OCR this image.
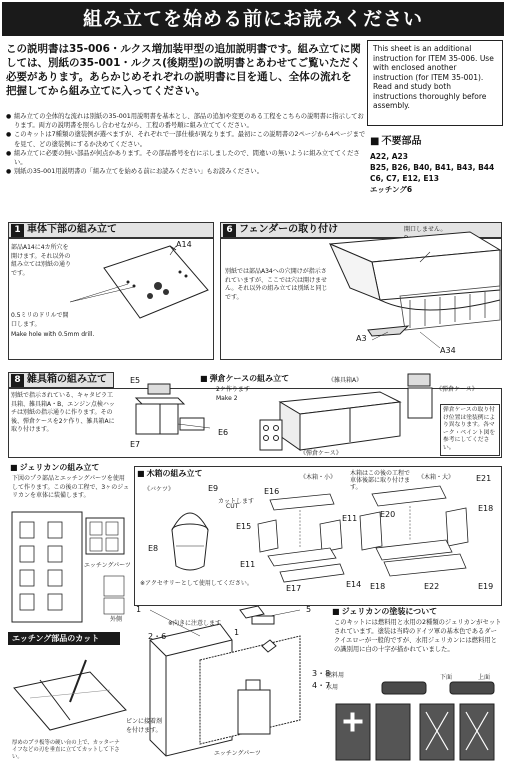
組み立てを始める前にお読みください
この説明書は35-006・ルクス増加装甲型の追加説明書です。組み立てに関しては、別紙の35-001・ルクス(後期型)の説明書とあわせてご覧いただく必要があります。あらかじめそれぞれの説明書に目を通し、全体の流れを把握してから組み立てに入ってください。
This sheet is an additional instruction for ITEM 35-006. Use with enclosed another instruction (for ITEM 35-001). Read and study both instructions thoroughly before assembly.
● 組み立ての全体的な流れは別紙の35-001用説明書を基本とし、部品の追加や変更のある工程をこちらの説明書に指示しております。両方の説明書を照らし合わせながら、工程の番号順に組み立ててください。
● このキットは7種類の塗装例が選べますが、それぞれで一部仕様が異なります。最初にこの説明書の2ページから4ページまでを見て、どの塗装例にするか決めてください。
● 組み立てに必要の無い部品が何点かあります。その部品番号を右に示しましたので、間違いの無いように組み立ててください。
● 別紙の35-001用説明書の「組み立てを始める前にお読みください」もお読みください。
■ 不要部品
A22, A23
B25, B26, B40, B41, B43, B44
C6, C7, E12, E13
エッチング6
1 車体下部の組み立て
部品A14に4カ所穴を開けます。それ以外の組み立ては別紙の通りです。
A14
0.5ミリのドリルで開口します。
Make hole with 0.5mm drill.
6 フェンダーの取り付け	開口しません。
別紙では部品A34への穴開けが指示されていますが、ここでは穴は開けません。それ以外の組み立ては別紙と同じです。
A3
A34
8 雑具箱の組み立て
別紙で指示されている、キャタピラ工具箱、雑具箱A・B、エンジン点検ハッチは別紙の指示通りに作ります。その後、弾倉ケースを2ケ作り、雑具箱Aに取り付けます。
■ 弾倉ケースの組み立て
E5
E7
E6
2ケ作ります
Make 2
《雑具箱A》
《弾倉ケース》
《弾倉ケース》
弾倉ケースの取り付け位置は塗装例により異なります。各マーク・ペイント図を参考にしてください。
■ ジェリカンの組み立て
下図のプラ部品とエッチングパーツを使用して作ります。この後の工程で、3ヶのジェリカンを車体に装備します。
エッチングパーツ
外側
エッチング部品のカット
厚めのプラ板等の硬い台の上で、カッターナイフなどの刃を垂直に立ててカットして下さい。
1
2・6	1
5
3・8
4・7
※向きに注意します
ピンに接着剤を付けます。
エッチングパーツ
■ 木箱の組み立て
《バケツ》	E9
カットします
CUT
E8
※アクセサリーとして使用してください。
《木箱・小》
木箱はこの後の工程で車体後部に取り付けます。
《木箱・大》
E16
E15
E11
E11
E17	E14
E21
E20
E18
E18	E22	E19
■ ジェリカンの塗装について
このキットには燃料用と水用の2種類のジェリカンがセットされています。塗装は当時のドイツ軍の基本色であるダークイエローが一般的ですが、水用ジェリカンには燃料用との識別用に白の十字が描かれていました。
燃料用
水用
上面
下面
